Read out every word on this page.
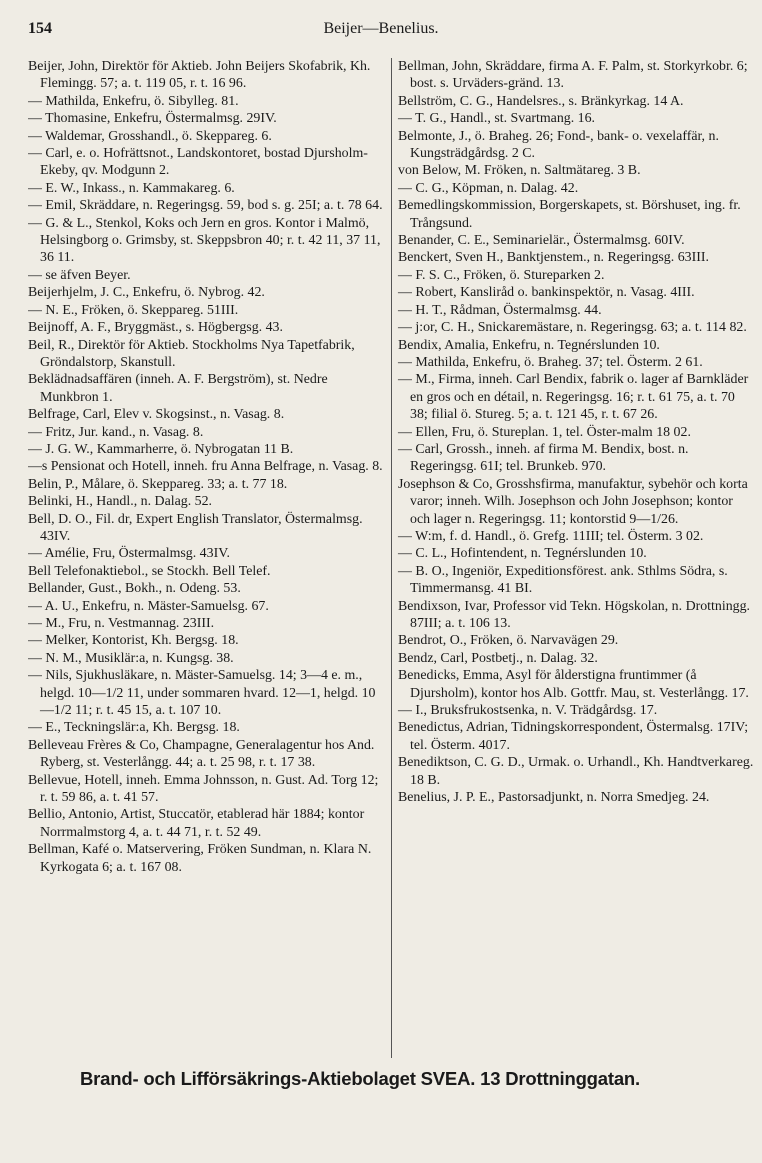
154	Beijer—Benelius.

Beijer, John, Direktör för Aktieb. John Beijers Skofabrik, Kh. Flemingg. 57; a. t. 119 05, r. t. 16 96.

— Mathilda, Enkefru, ö. Sibylleg. 81.

— Thomasine, Enkefru, Östermalmsg. 29IV.

— Waldemar, Grosshandl., ö. Skeppareg. 6.

— Carl, e. o. Hofrättsnot., Landskontoret, bostad Djursholm-Ekeby, qv. Modgunn 2.

— E. W., Inkass., n. Kammakareg. 6.

— Emil, Skräddare, n. Regeringsg. 59, bod s. g. 25I; a. t. 78 64.

— G. & L., Stenkol, Koks och Jern en gros. Kontor i Malmö, Helsingborg o. Grimsby, st. Skeppsbron 40; r. t. 42 11, 37 11, 36 11.

— se äfven Beyer.

Beijerhjelm, J. C., Enkefru, ö. Nybrog. 42.

— N. E., Fröken, ö. Skeppareg. 51III.

Beijnoff, A. F., Bryggmäst., s. Högbergsg. 43.

Beil, R., Direktör för Aktieb. Stockholms Nya Tapetfabrik, Gröndalstorp, Skanstull.

Beklädnadsaffären (inneh. A. F. Bergström), st. Nedre Munkbron 1.

Belfrage, Carl, Elev v. Skogsinst., n. Vasag. 8.

— Fritz, Jur. kand., n. Vasag. 8.

— J. G. W., Kammarherre, ö. Nybrogatan 11 B.

—s Pensionat och Hotell, inneh. fru Anna Belfrage, n. Vasag. 8.

Belin, P., Målare, ö. Skeppareg. 33; a. t. 77 18.

Belinki, H., Handl., n. Dalag. 52.

Bell, D. O., Fil. dr, Expert English Translator, Östermalmsg. 43IV.

— Amélie, Fru, Östermalmsg. 43IV.

Bell Telefonaktiebol., se Stockh. Bell Telef.

Bellander, Gust., Bokh., n. Odeng. 53.

— A. U., Enkefru, n. Mäster-Samuelsg. 67.

— M., Fru, n. Vestmannag. 23III.

— Melker, Kontorist, Kh. Bergsg. 18.

— N. M., Musiklär:a, n. Kungsg. 38.

— Nils, Sjukhusläkare, n. Mäster-Samuelsg. 14; 3—4 e. m., helgd. 10—1/2 11, under sommaren hvard. 12—1, helgd. 10—1/2 11; r. t. 45 15, a. t. 107 10.

— E., Teckningslär:a, Kh. Bergsg. 18.

Belleveau Frères & Co, Champagne, Generalagentur hos And. Ryberg, st. Vesterlångg. 44; a. t. 25 98, r. t. 17 38.

Bellevue, Hotell, inneh. Emma Johnsson, n. Gust. Ad. Torg 12; r. t. 59 86, a. t. 41 57.

Bellio, Antonio, Artist, Stuccatör, etablerad här 1884; kontor Norrmalmstorg 4, a. t. 44 71, r. t. 52 49.

Bellman, Kafé o. Matservering, Fröken Sundman, n. Klara N. Kyrkogata 6; a. t. 167 08.

Bellman, John, Skräddare, firma A. F. Palm, st. Storkyrkobr. 6; bost. s. Urväders-gränd. 13.

Bellström, C. G., Handelsres., s. Bränkyrkag. 14 A.

— T. G., Handl., st. Svartmang. 16.

Belmonte, J., ö. Braheg. 26; Fond-, bank- o. vexelaffär, n. Kungsträdgårdsg. 2 C.

von Below, M. Fröken, n. Saltmätareg. 3 B.

— C. G., Köpman, n. Dalag. 42.

Bemedlingskommission, Borgerskapets, st. Börshuset, ing. fr. Trångsund.

Benander, C. E., Seminarielär., Östermalmsg. 60IV.

Benckert, Sven H., Banktjenstem., n. Regeringsg. 63III.

— F. S. C., Fröken, ö. Stureparken 2.

— Robert, Kansliråd o. bankinspektör, n. Vasag. 4III.

— H. T., Rådman, Östermalmsg. 44.

— j:or, C. H., Snickaremästare, n. Regeringsg. 63; a. t. 114 82.

Bendix, Amalia, Enkefru, n. Tegnérslunden 10.

— Mathilda, Enkefru, ö. Braheg. 37; tel. Österm. 2 61.

— M., Firma, inneh. Carl Bendix, fabrik o. lager af Barnkläder en gros och en détail, n. Regeringsg. 16; r. t. 61 75, a. t. 70 38; filial ö. Stureg. 5; a. t. 121 45, r. t. 67 26.

— Ellen, Fru, ö. Stureplan. 1, tel. Öster-malm 18 02.

— Carl, Grossh., inneh. af firma M. Bendix, bost. n. Regeringsg. 61I; tel. Brunkeb. 970.

Josephson & Co, Grosshsfirma, manufaktur, sybehör och korta varor; inneh. Wilh. Josephson och John Josephson; kontor och lager n. Regeringsg. 11; kontorstid 9—1/26.

— W:m, f. d. Handl., ö. Grefg. 11III; tel. Österm. 3 02.

— C. L., Hofintendent, n. Tegnérslunden 10.

— B. O., Ingeniör, Expeditionsförest. ank. Sthlms Södra, s. Timmermansg. 41 BI.

Bendixson, Ivar, Professor vid Tekn. Högskolan, n. Drottningg. 87III; a. t. 106 13.

Bendrot, O., Fröken, ö. Narvavägen 29.

Bendz, Carl, Postbetj., n. Dalag. 32.

Benedicks, Emma, Asyl för ålderstigna fruntimmer (å Djursholm), kontor hos Alb. Gottfr. Mau, st. Vesterlångg. 17.

— I., Bruksfrukostsenka, n. V. Trädgårdsg. 17.

Benedictus, Adrian, Tidningskorrespondent, Östermalsg. 17IV; tel. Österm. 4017.

Benediktson, C. G. D., Urmak. o. Urhandl., Kh. Handtverkareg. 18 B.

Benelius, J. P. E., Pastorsadjunkt, n. Norra Smedjeg. 24.

Brand- och Lifförsäkrings-Aktiebolaget SVEA. 13 Drottninggatan.
